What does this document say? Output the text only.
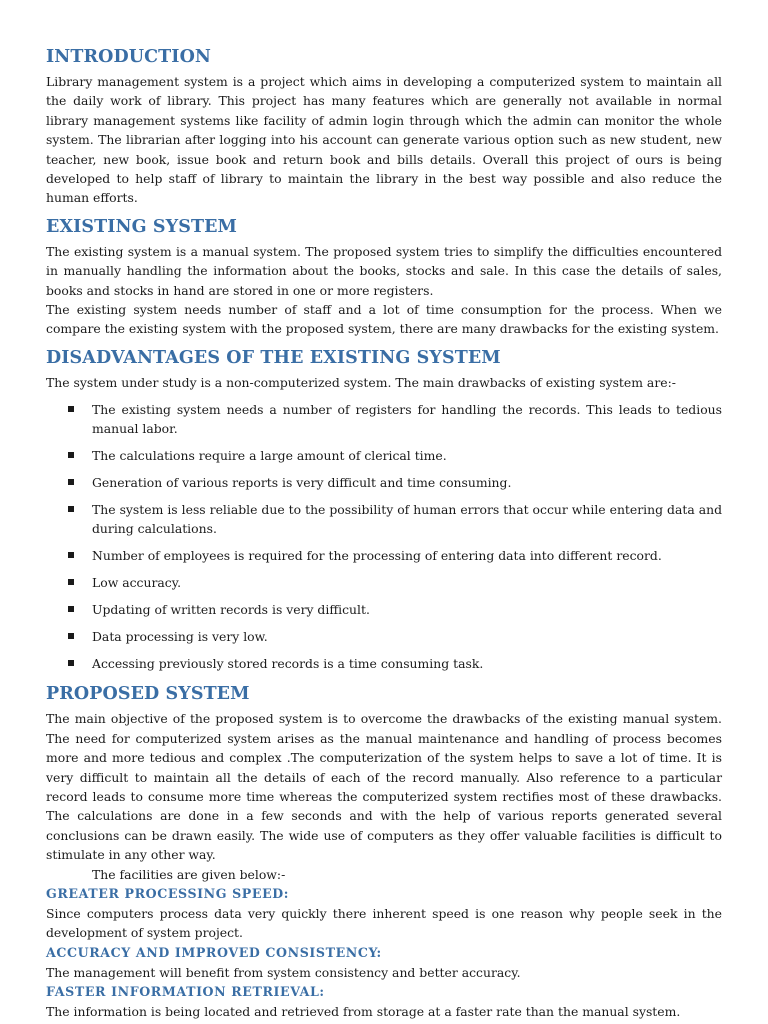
INTRODUCTION

Library management system is a project which aims in developing a computerized system to maintain all the daily work of library. This project has many features which are generally not available in normal library management systems like facility of admin login through which the admin can monitor the whole system. The librarian after logging into his account can generate various option such as new student, new teacher, new book, issue book and return book and bills details. Overall this project of ours is being developed to help staff of library to maintain the library in the best way possible and also reduce the human efforts.

EXISTING SYSTEM

The existing system is a manual system. The proposed system tries to simplify the difficulties encountered in manually handling the information about the books, stocks and sale. In this case the details of sales, books and stocks in hand are stored in one or more registers.

The existing system needs number of staff and a lot of time consumption for the process. When we compare the existing system with the proposed system, there are many drawbacks for the existing system.

DISADVANTAGES OF THE EXISTING SYSTEM

The system under study is a non-computerized system. The main drawbacks of existing system are:-

The existing system needs a number of registers for handling the records. This leads to tedious manual labor.
The calculations require a large amount of clerical time.
Generation of various reports is very difficult and time consuming.
The system is less reliable due to the possibility of human errors that occur while entering data and during calculations.
Number of employees is required for the processing of entering data into different record.
Low accuracy.
Updating of written records is very difficult.
Data processing is very low.
Accessing previously stored records is a time consuming task.
PROPOSED SYSTEM

The main objective of the proposed system is to overcome the drawbacks of the existing manual system. The need for computerized system arises as the manual maintenance and handling of process becomes more and more tedious and complex .The computerization of the system helps to save a lot of time. It is very difficult to maintain all the details of each of the record manually. Also reference to a particular record leads to consume more time whereas the computerized system rectifies most of these drawbacks. The calculations are done in a few seconds and with the help of various reports generated several conclusions can be drawn easily. The wide use of computers as they offer valuable facilities is difficult to stimulate in any other way.

The facilities are given below:-

GREATER PROCESSING SPEED:

Since computers process data very quickly there inherent speed is one reason why people seek in the development of system project.

ACCURACY AND IMPROVED CONSISTENCY:

The management will benefit from system consistency and better accuracy.

FASTER INFORMATION RETRIEVAL:

The information is being located and retrieved from storage at a faster rate than the manual system.
